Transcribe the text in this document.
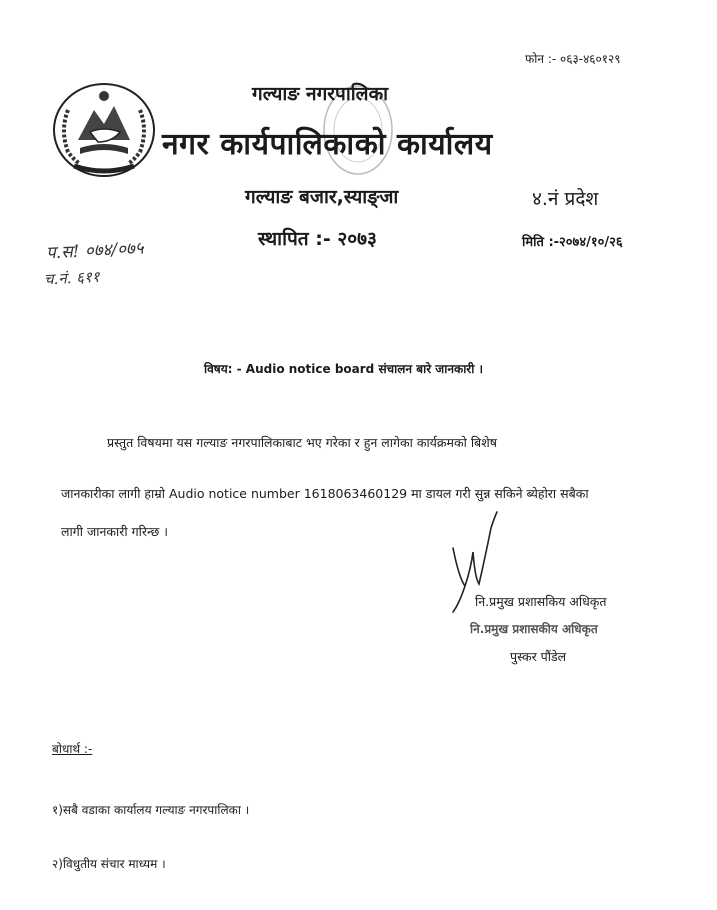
फोन :- ०६३-४६०१२९
गल्याङ नगरपालिका
नगर कार्यपालिकाको कार्यालय
गल्याङ बजार,स्याङ्जा	४.नं प्रदेश
स्थापित :- २०७३	मिति :-२०७४/१०/२६
प.स! ०७४/०७५
च.नं. ६११
विषय: - Audio notice board संचालन बारे जानकारी ।
प्रस्तुत विषयमा यस गल्याङ नगरपालिकाबाट भए गरेका र हुन लागेका कार्यक्रमको बिशेष
जानकारीका लागी हाम्रो Audio notice number 1618063460129 मा डायल गरी सुन्न सकिने ब्येहोरा सबैका
लागी जानकारी गरिन्छ ।
नि.प्रमुख प्रशासकिय अधिकृत
नि.प्रमुख प्रशासकीय अधिकृत
पुस्कर पौंडेल
बोधार्थ :-
१)सबै वडाका कार्यालय गल्याङ नगरपालिका ।
२)विधुतीय संचार माध्यम ।
